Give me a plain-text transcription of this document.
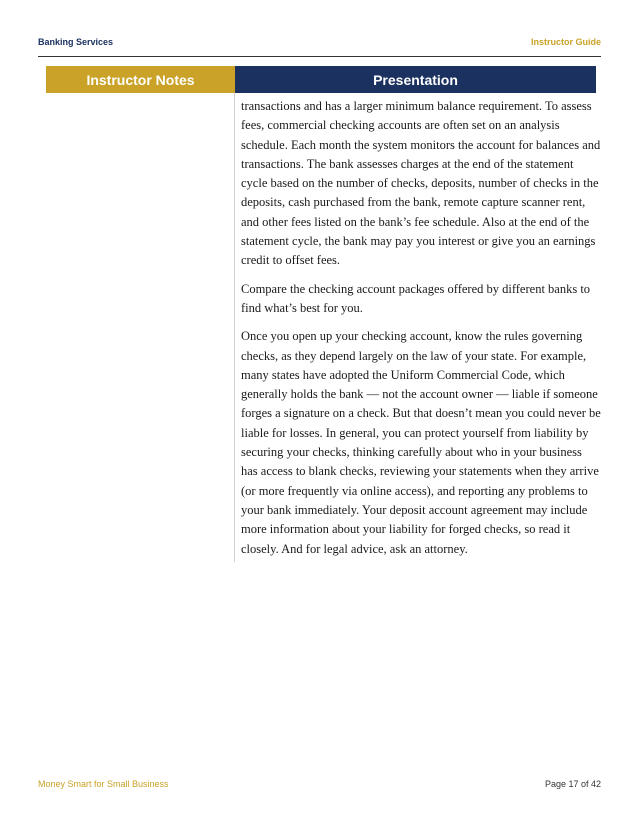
Banking Services	Instructor Guide
Instructor Notes	Presentation

transactions and has a larger minimum balance requirement. To assess fees, commercial checking accounts are often set on an analysis schedule. Each month the system monitors the account for balances and transactions. The bank assesses charges at the end of the statement cycle based on the number of checks, deposits, number of checks in the deposits, cash purchased from the bank, remote capture scanner rent, and other fees listed on the bank’s fee schedule. Also at the end of the statement cycle, the bank may pay you interest or give you an earnings credit to offset fees.

Compare the checking account packages offered by different banks to find what’s best for you.

Once you open up your checking account, know the rules governing checks, as they depend largely on the law of your state. For example, many states have adopted the Uniform Commercial Code, which generally holds the bank — not the account owner — liable if someone forges a signature on a check. But that doesn’t mean you could never be liable for losses. In general, you can protect yourself from liability by securing your checks, thinking carefully about who in your business has access to blank checks, reviewing your statements when they arrive (or more frequently via online access), and reporting any problems to your bank immediately. Your deposit account agreement may include more information about your liability for forged checks, so read it closely. And for legal advice, ask an attorney.

Money Smart for Small Business	Page 17 of 42
